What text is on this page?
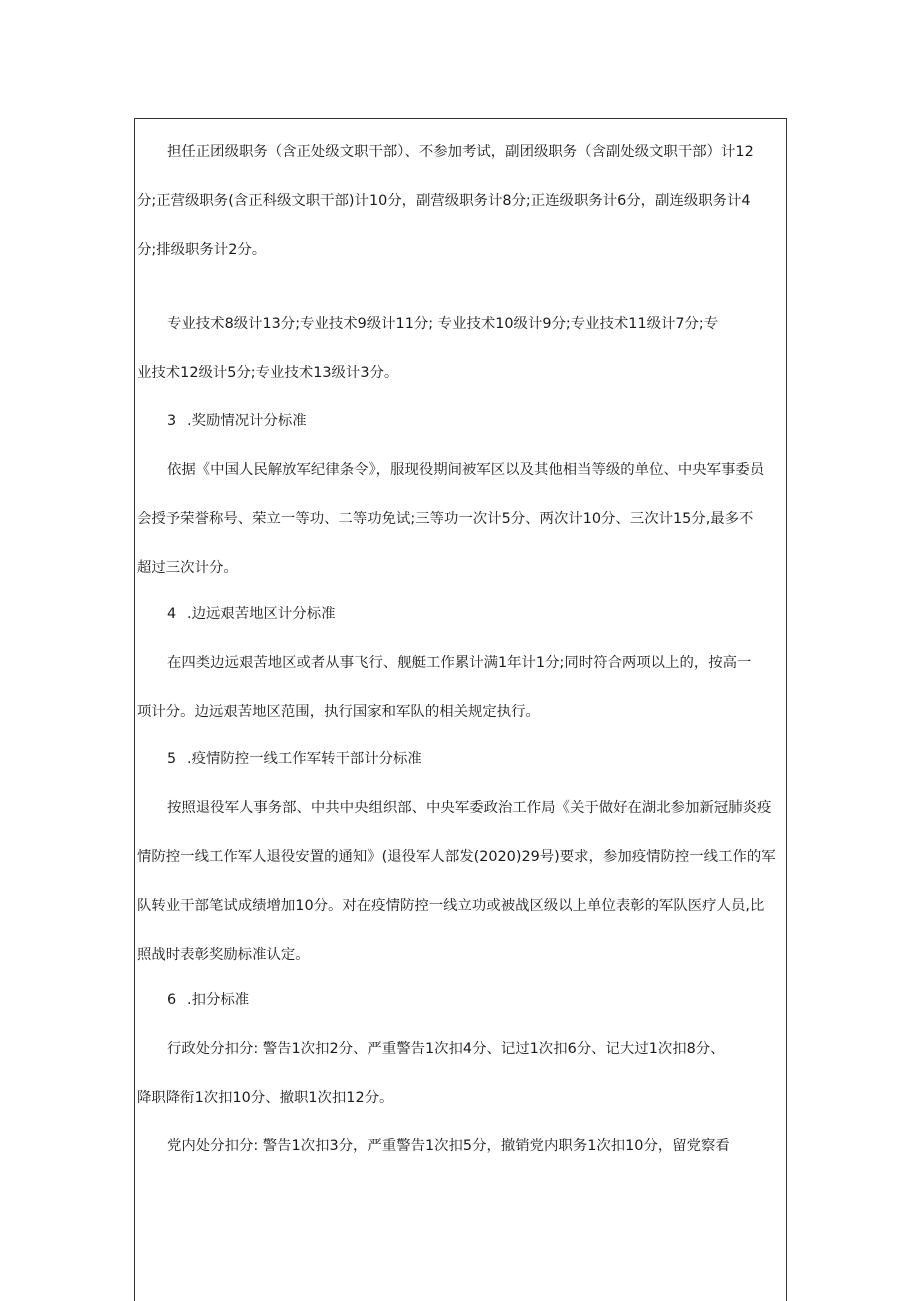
担任正团级职务（含正处级文职干部）、不参加考试，副团级职务（含副处级文职干部）计12
分;正营级职务(含正科级文职干部)计10分，副营级职务计8分;正连级职务计6分，副连级职务计4
分;排级职务计2分。
专业技术8级计13分;专业技术9级计11分; 专业技术10级计9分;专业技术11级计7分;专
业技术12级计5分;专业技术13级计3分。
3 .奖励情况计分标准
依据《中国人民解放军纪律条令》，服现役期间被军区以及其他相当等级的单位、中央军事委员
会授予荣誉称号、荣立一等功、二等功免试;三等功一次计5分、两次计10分、三次计15分,最多不
超过三次计分。
4 .边远艰苦地区计分标准
在四类边远艰苦地区或者从事飞行、舰艇工作累计满1年计1分;同时符合两项以上的，按高一
项计分。边远艰苦地区范围，执行国家和军队的相关规定执行。
5 .疫情防控一线工作军转干部计分标准
按照退役军人事务部、中共中央组织部、中央军委政治工作局《关于做好在湖北参加新冠肺炎疫
情防控一线工作军人退役安置的通知》(退役军人部发(2020)29号)要求，参加疫情防控一线工作的军
队转业干部笔试成绩增加10分。对在疫情防控一线立功或被战区级以上单位表彰的军队医疗人员,比
照战时表彰奖励标准认定。
6 .扣分标准
行政处分扣分: 警告1次扣2分、严重警告1次扣4分、记过1次扣6分、记大过1次扣8分、
降职降衔1次扣10分、撤职1次扣12分。
党内处分扣分: 警告1次扣3分，严重警告1次扣5分，撤销党内职务1次扣10分，留党察看
